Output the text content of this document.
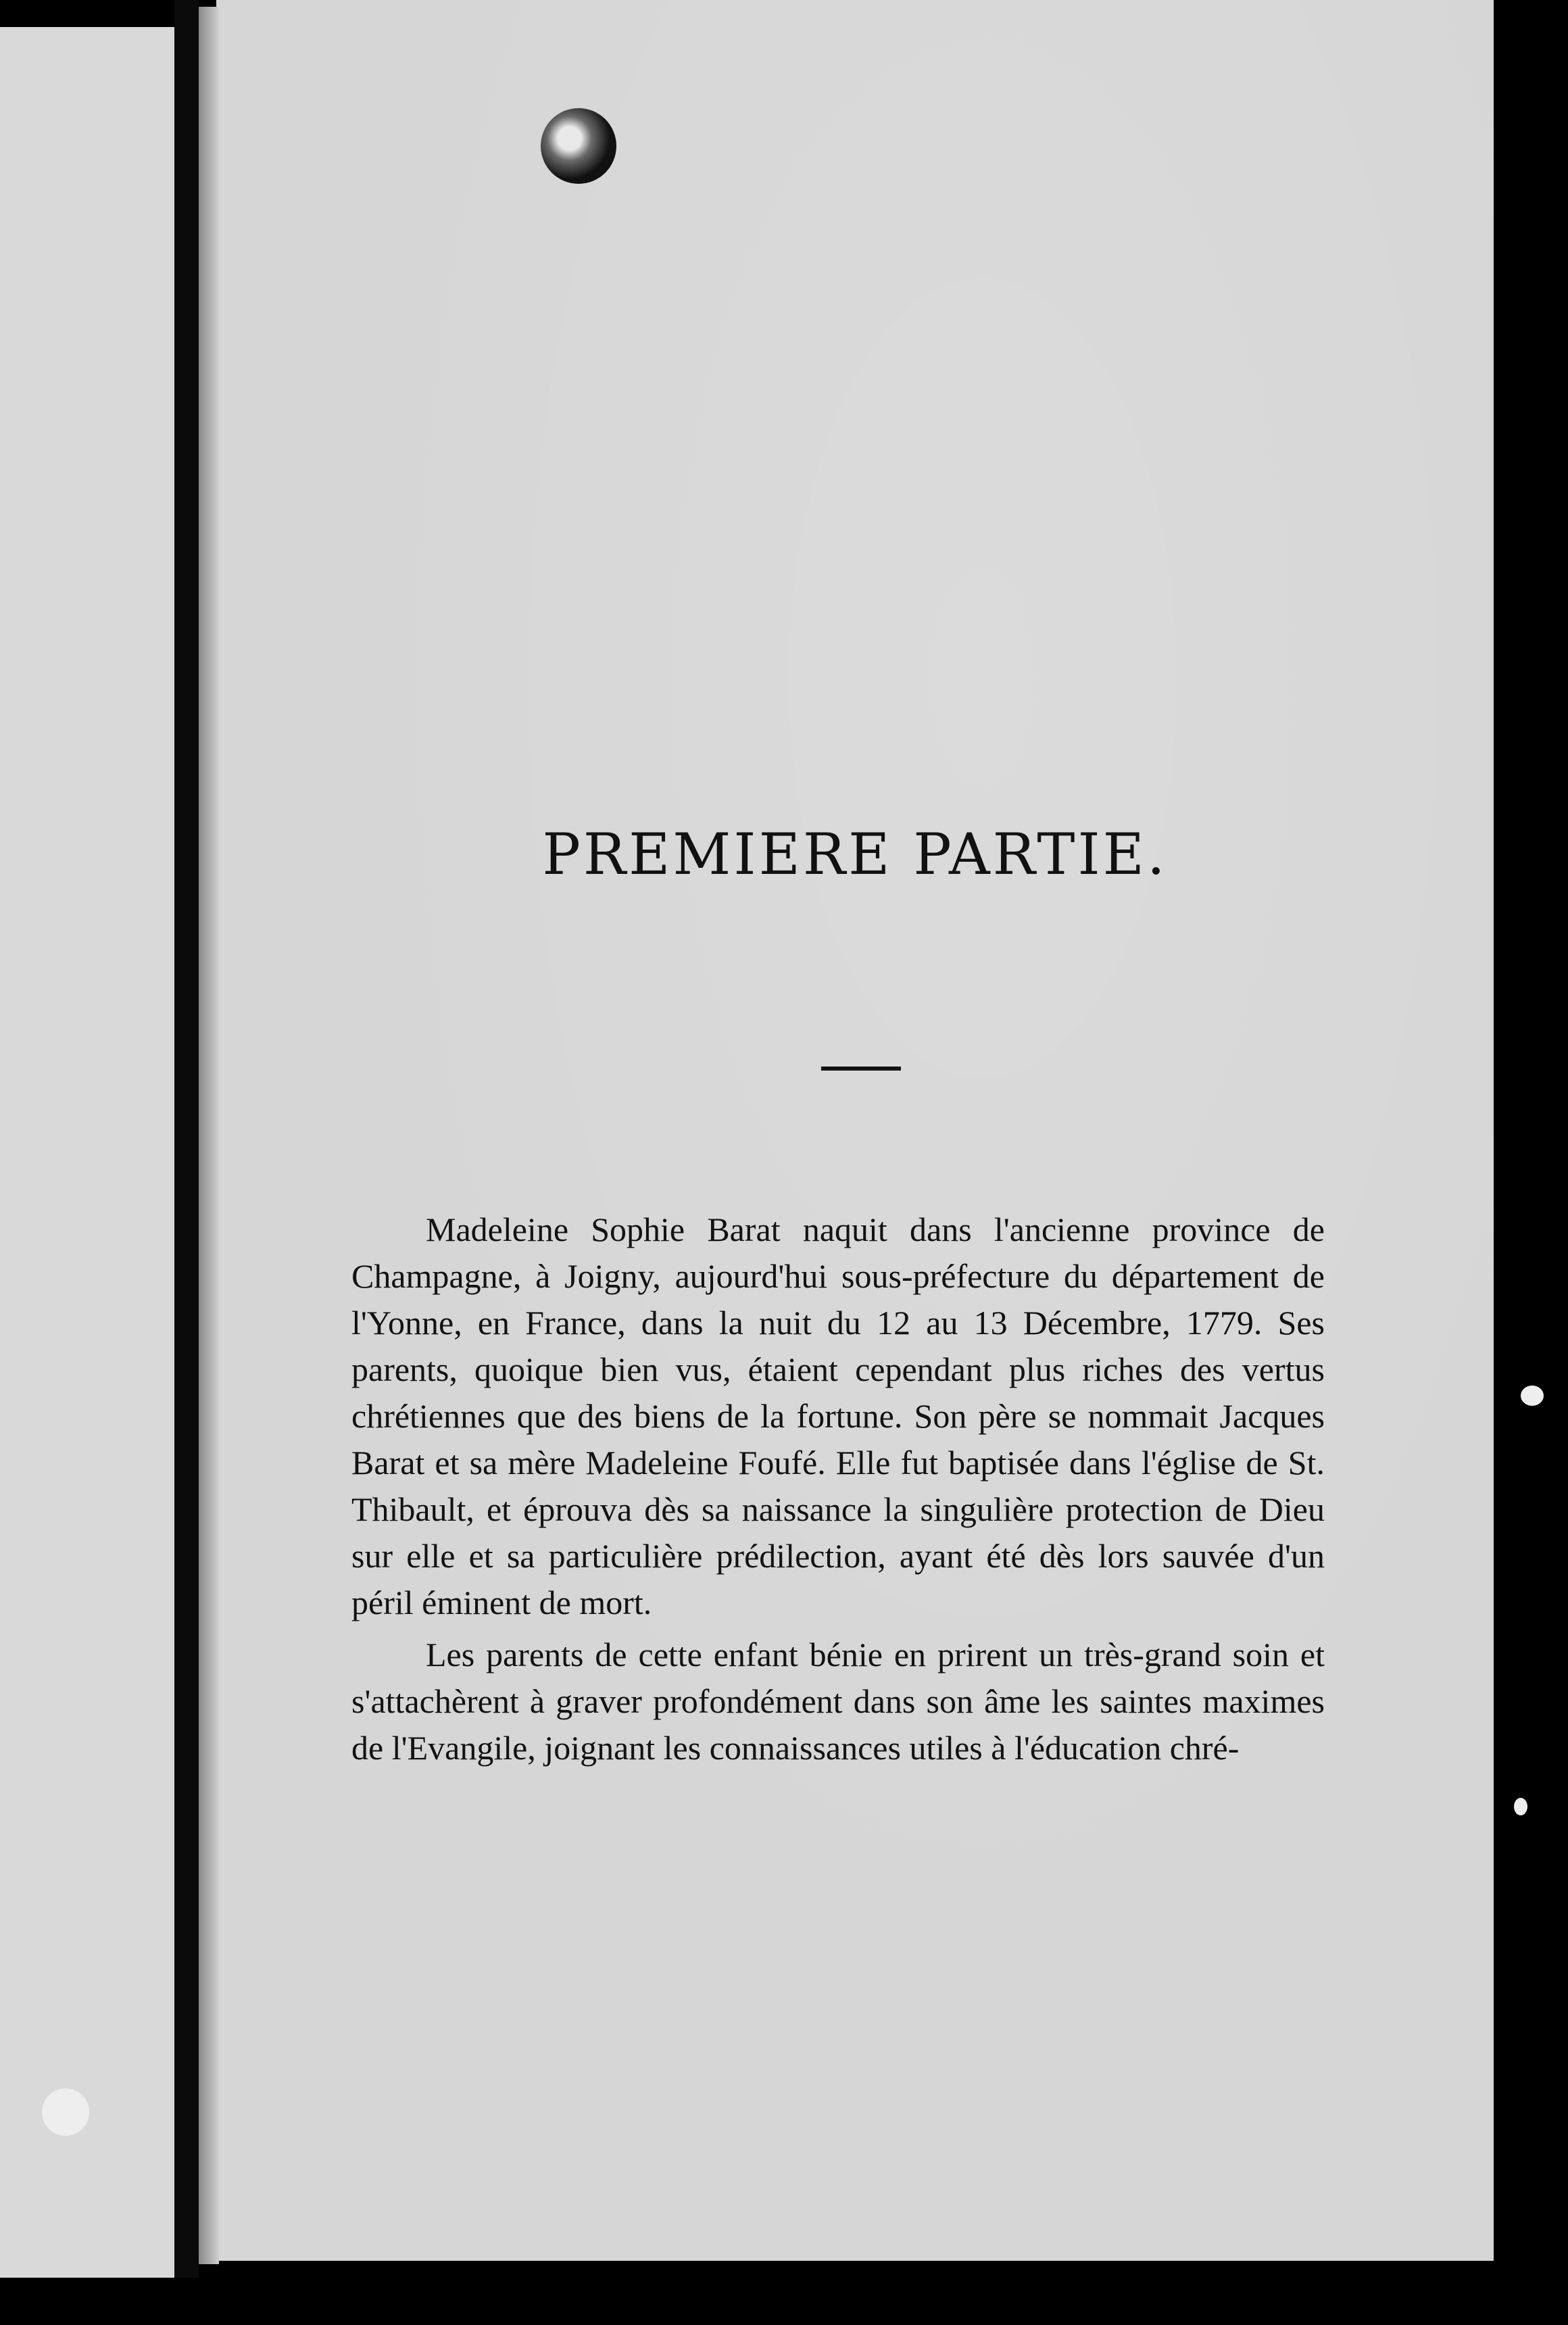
PREMIERE PARTIE.

Madeleine Sophie Barat naquit dans l'ancienne province de Champagne, à Joigny, aujourd'hui sous-préfecture du département de l'Yonne, en France, dans la nuit du 12 au 13 Décembre, 1779. Ses parents, quoique bien vus, étaient cependant plus riches des vertus chrétiennes que des biens de la fortune. Son père se nommait Jacques Barat et sa mère Madeleine Foufé. Elle fut baptisée dans l'église de St. Thibault, et éprouva dès sa naissance la singulière protection de Dieu sur elle et sa particulière prédilection, ayant été dès lors sauvée d'un péril éminent de mort.

Les parents de cette enfant bénie en prirent un très-grand soin et s'attachèrent à graver profondément dans son âme les saintes maximes de l'Evangile, joignant les connaissances utiles à l'éducation chré-
